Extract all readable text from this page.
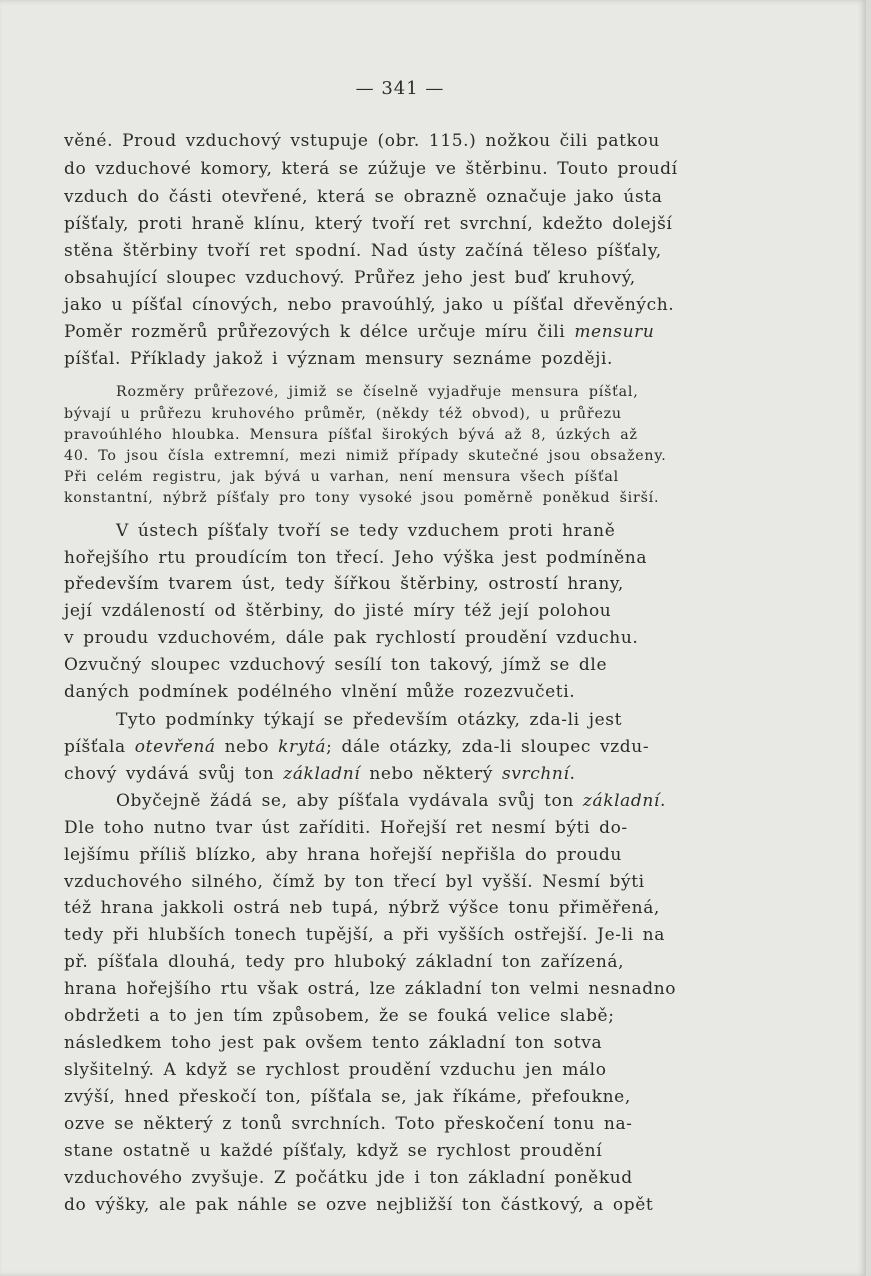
— 341 —
věné. Proud vzduchový vstupuje (obr. 115.) nožkou čili patkou
do vzduchové komory, která se zúžuje ve štěrbinu. Touto proudí
vzduch do části otevřené, která se obrazně označuje jako ústa
píšťaly, proti hraně klínu, který tvoří ret svrchní, kdežto dolejší
stěna štěrbiny tvoří ret spodní. Nad ústy začíná těleso píšťaly,
obsahující sloupec vzduchový. Průřez jeho jest buď kruhový,
jako u píšťal cínových, nebo pravoúhlý, jako u píšťal dřevěných.
Poměr rozměrů průřezových k délce určuje míru čili mensuru
píšťal. Příklady jakož i význam mensury seznáme později.
Rozměry průřezové, jimiž se číselně vyjadřuje mensura píšťal,
bývají u průřezu kruhového průměr, (někdy též obvod), u průřezu
pravoúhlého hloubka. Mensura píšťal širokých bývá až 8, úzkých až
40. To jsou čísla extremní, mezi nimiž případy skutečné jsou obsaženy.
Při celém registru, jak bývá u varhan, není mensura všech píšťal
konstantní, nýbrž píšťaly pro tony vysoké jsou poměrně poněkud širší.
V ústech píšťaly tvoří se tedy vzduchem proti hraně
hořejšího rtu proudícím ton třecí. Jeho výška jest podmíněna
především tvarem úst, tedy šířkou štěrbiny, ostrostí hrany,
její vzdáleností od štěrbiny, do jisté míry též její polohou
v proudu vzduchovém, dále pak rychlostí proudění vzduchu.
Ozvučný sloupec vzduchový sesílí ton takový, jímž se dle
daných podmínek podélného vlnění může rozezvučeti.
Tyto podmínky týkají se především otázky, zda-li jest
píšťala otevřená nebo krytá; dále otázky, zda-li sloupec vzdu-
chový vydává svůj ton základní nebo některý svrchní.
Obyčejně žádá se, aby píšťala vydávala svůj ton základní.
Dle toho nutno tvar úst zaříditi. Hořejší ret nesmí býti do-
lejšímu příliš blízko, aby hrana hořejší nepřišla do proudu
vzduchového silného, čímž by ton třecí byl vyšší. Nesmí býti
též hrana jakkoli ostrá neb tupá, nýbrž výšce tonu přiměřená,
tedy při hlubších tonech tupější, a při vyšších ostřejší. Je-li na
př. píšťala dlouhá, tedy pro hluboký základní ton zařízená,
hrana hořejšího rtu však ostrá, lze základní ton velmi nesnadno
obdržeti a to jen tím způsobem, že se fouká velice slabě;
následkem toho jest pak ovšem tento základní ton sotva
slyšitelný. A když se rychlost proudění vzduchu jen málo
zvýší, hned přeskočí ton, píšťala se, jak říkáme, přefoukne,
ozve se některý z tonů svrchních. Toto přeskočení tonu na-
stane ostatně u každé píšťaly, když se rychlost proudění
vzduchového zvyšuje. Z počátku jde i ton základní poněkud
do výšky, ale pak náhle se ozve nejbližší ton částkový, a opět
